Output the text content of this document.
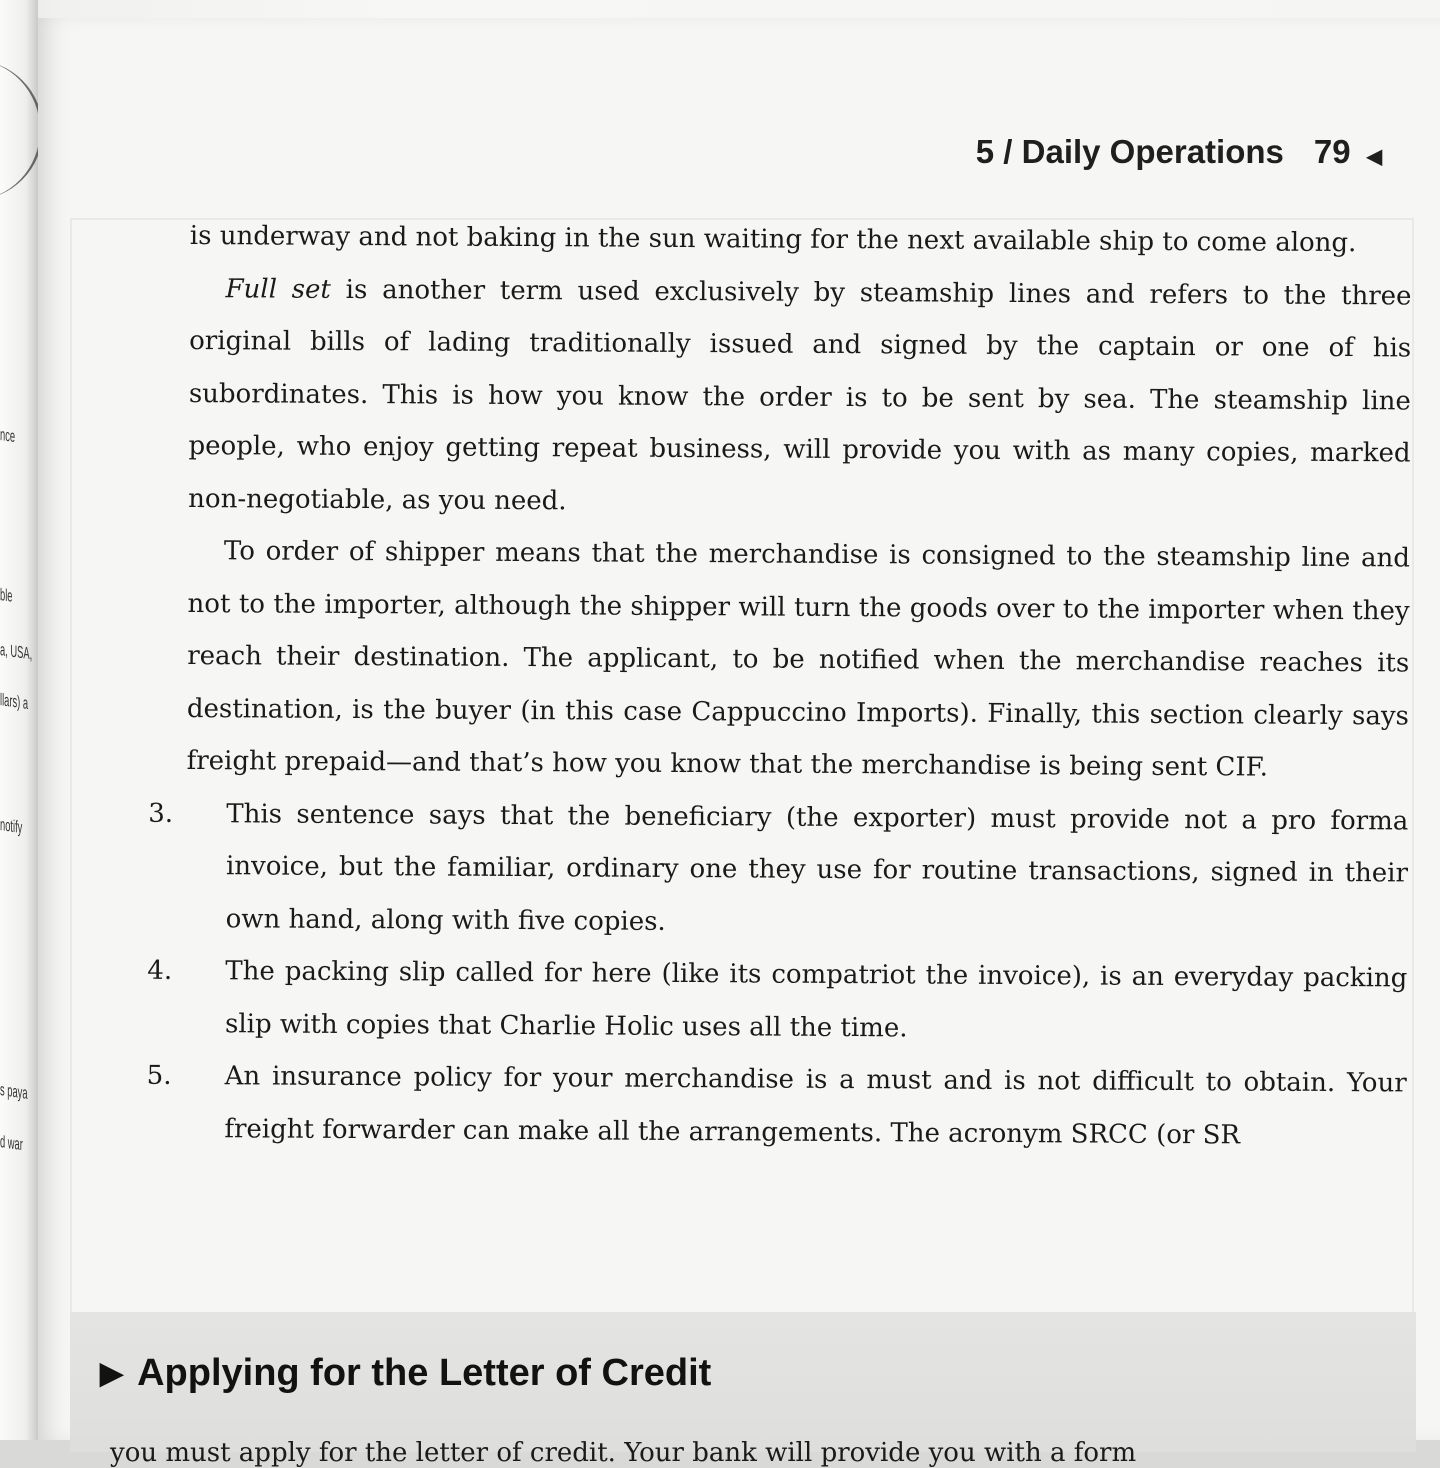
nce
ble
a, USA,
llars) a
notify
s paya
d war

5 / Daily Operations 79 ◀

is underway and not baking in the sun waiting for the next available ship to come along.

Full set is another term used exclusively by steamship lines and refers to the three original bills of lading traditionally issued and signed by the captain or one of his subordinates. This is how you know the order is to be sent by sea. The steamship line people, who enjoy getting repeat business, will provide you with as many copies, marked non-negotiable, as you need.

To order of shipper means that the merchandise is consigned to the steamship line and not to the importer, although the shipper will turn the goods over to the importer when they reach their destination. The applicant, to be notified when the merchandise reaches its destination, is the buyer (in this case Cappuccino Imports). Finally, this section clearly says freight prepaid—and that’s how you know that the merchandise is being sent CIF.

3. This sentence says that the beneficiary (the exporter) must provide not a pro forma invoice, but the familiar, ordinary one they use for routine transactions, signed in their own hand, along with five copies.
4. The packing slip called for here (like its compatriot the invoice), is an everyday packing slip with copies that Charlie Holic uses all the time.
5. An insurance policy for your merchandise is a must and is not difficult to obtain. Your freight forwarder can make all the arrangements. The acronym SRCC (or SR
▶ Applying for the Letter of Credit
you must apply for the letter of credit. Your bank will provide you with a form
